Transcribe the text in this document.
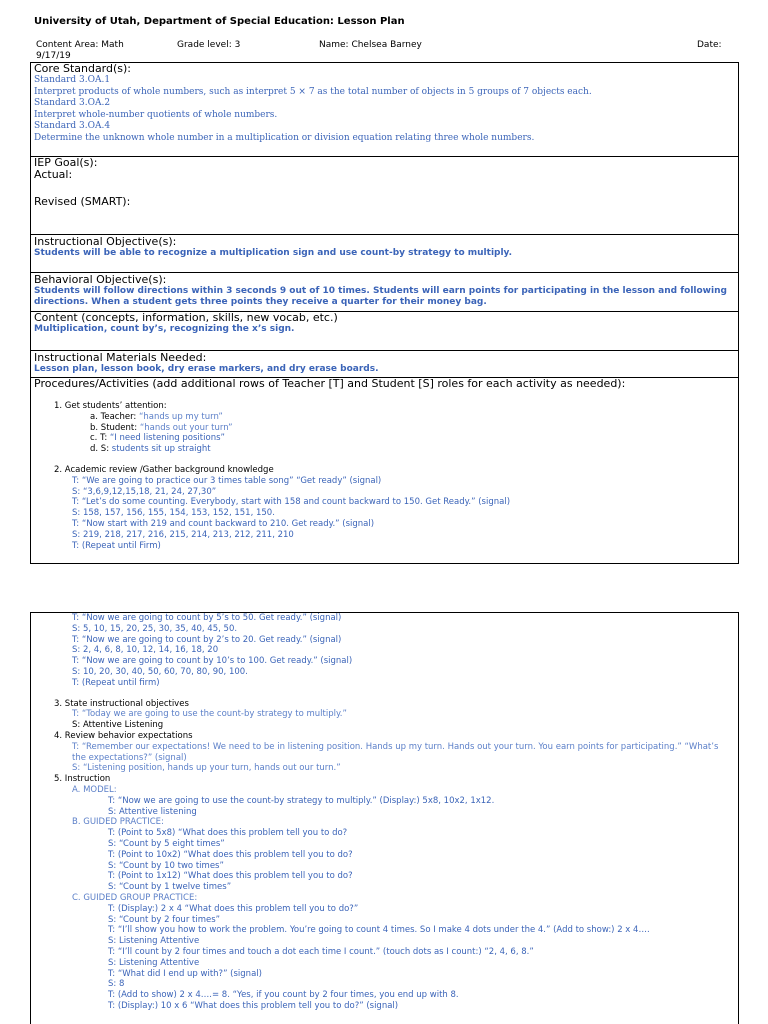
University of Utah, Department of Special Education: Lesson Plan
Content Area: Math	Grade level: 3	Name: Chelsea Barney	Date:
9/17/19
Core Standard(s):
Standard 3.OA.1
Interpret products of whole numbers, such as interpret 5 × 7 as the total number of objects in 5 groups of 7 objects each.
Standard 3.OA.2
Interpret whole-number quotients of whole numbers.
Standard 3.OA.4
Determine the unknown whole number in a multiplication or division equation relating three whole numbers.
IEP Goal(s):
Actual:
Revised (SMART):
Instructional Objective(s):
Students will be able to recognize a multiplication sign and use count-by strategy to multiply.
Behavioral Objective(s):
Students will follow directions within 3 seconds 9 out of 10 times. Students will earn points for participating in the lesson and following directions. When a student gets three points they receive a quarter for their money bag.
Content (concepts, information, skills, new vocab, etc.)
Multiplication, count by’s, recognizing the x’s sign.
Instructional Materials Needed:
Lesson plan, lesson book, dry erase markers, and dry erase boards.
Procedures/Activities (add additional rows of Teacher [T] and Student [S] roles for each activity as needed):
1. Get students’ attention:
a. Teacher: “hands up my turn”
b. Student: “hands out your turn”
c. T: “I need listening positions”
d. S: students sit up straight
2. Academic review /Gather background knowledge
T: “We are going to practice our 3 times table song” “Get ready” (signal)
S: “3,6,9,12,15,18, 21, 24, 27,30”
T: “Let’s do some counting. Everybody, start with 158 and count backward to 150. Get Ready.” (signal)
S: 158, 157, 156, 155, 154, 153, 152, 151, 150.
T: “Now start with 219 and count backward to 210. Get ready.” (signal)
S: 219, 218, 217, 216, 215, 214, 213, 212, 211, 210
T: (Repeat until Firm)
T: “Now we are going to count by 5’s to 50. Get ready.” (signal)
S: 5, 10, 15, 20, 25, 30, 35, 40, 45, 50.
T: “Now we are going to count by 2’s to 20. Get ready.” (signal)
S: 2, 4, 6, 8, 10, 12, 14, 16, 18, 20
T: “Now we are going to count by 10’s to 100. Get ready.” (signal)
S: 10, 20, 30, 40, 50, 60, 70, 80, 90, 100.
T: (Repeat until firm)
3. State instructional objectives
T: “Today we are going to use the count-by strategy to multiply.”
S: Attentive Listening
4. Review behavior expectations
T: “Remember our expectations! We need to be in listening position. Hands up my turn. Hands out your turn. You earn points for participating.” “What’s the expectations?” (signal)
S: “Listening position, hands up your turn, hands out our turn.”
5. Instruction
A. MODEL:
T: “Now we are going to use the count-by strategy to multiply.” (Display:) 5x8, 10x2, 1x12.
S: Attentive listening
B. GUIDED PRACTICE:
T: (Point to 5x8) “What does this problem tell you to do?
S: “Count by 5 eight times”
T: (Point to 10x2) “What does this problem tell you to do?
S: “Count by 10 two times”
T: (Point to 1x12) “What does this problem tell you to do?
S: “Count by 1 twelve times”
C. GUIDED GROUP PRACTICE:
T: (Display:) 2 x 4 “What does this problem tell you to do?”
S: “Count by 2 four times”
T: “I’ll show you how to work the problem. You’re going to count 4 times. So I make 4 dots under the 4.” (Add to show:) 2 x 4….
S: Listening Attentive
T: “I’ll count by 2 four times and touch a dot each time I count.” (touch dots as I count:) “2, 4, 6, 8.”
S: Listening Attentive
T: “What did I end up with?” (signal)
S: 8
T: (Add to show) 2 x 4….= 8. “Yes, if you count by 2 four times, you end up with 8.
T: (Display:) 10 x 6 “What does this problem tell you to do?” (signal)
